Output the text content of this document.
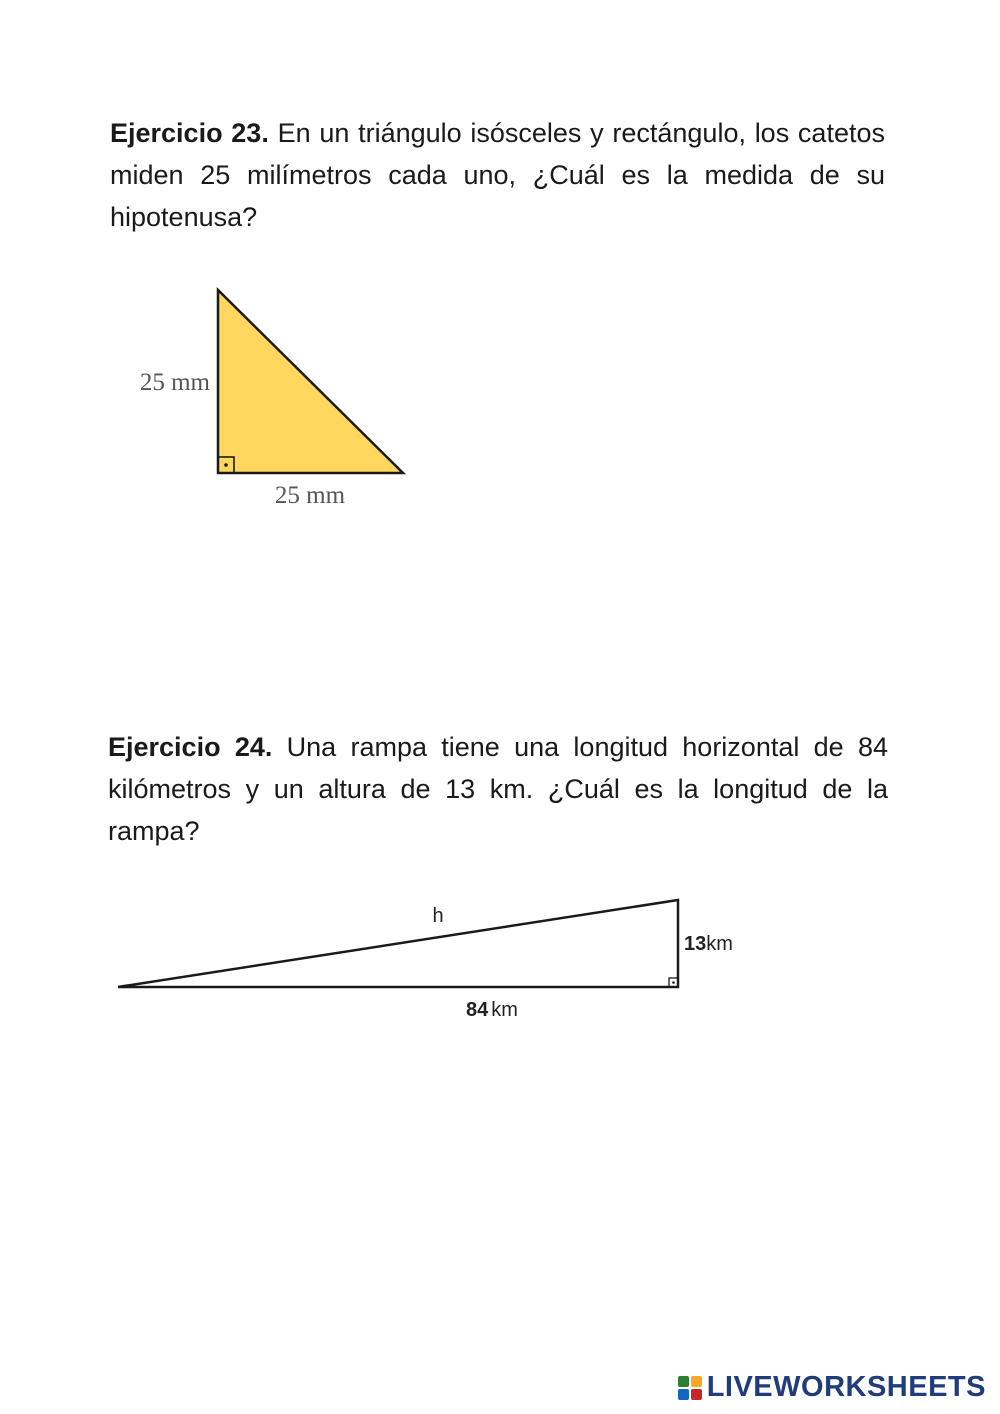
Ejercicio 23. En un triángulo isósceles y rectángulo, los catetos miden 25 milímetros cada uno, ¿Cuál es la medida de su hipotenusa?

25 mm
25 mm

Ejercicio 24. Una rampa tiene una longitud horizontal de 84 kilómetros y un altura de 13 km. ¿Cuál es la longitud de la rampa?

h
13km
84 km
LIVEWORKSHEETS
